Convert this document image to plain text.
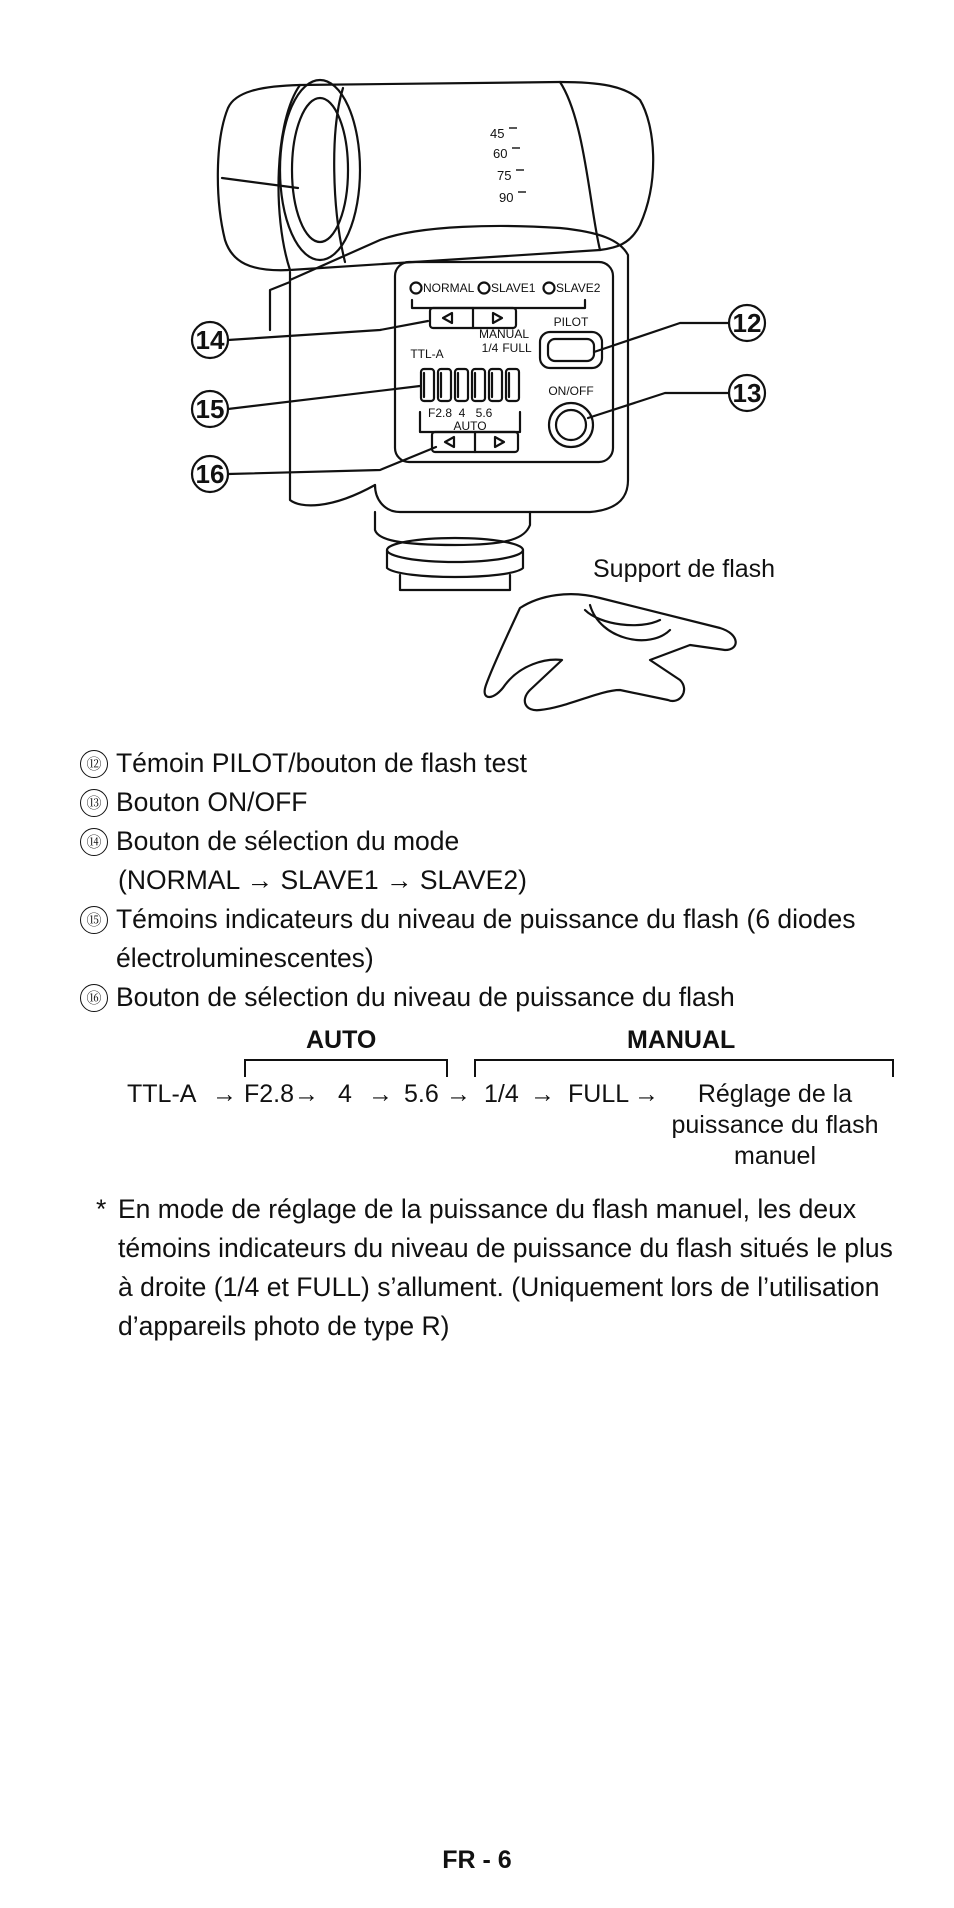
14
15
16
12
13
45
60
75
90
NORMAL SLAVE1 SLAVE2
PILOT
ON/OFF
MANUAL
1/4 FULL
TTL-A
F2.8 4 5.6
AUTO
Support de flash
⑫ Témoin PILOT/bouton de flash test
⑬ Bouton ON/OFF
⑭ Bouton de sélection du mode
(NORMAL → SLAVE1 → SLAVE2)
⑮ Témoins indicateurs du niveau de puissance du flash (6 diodes électroluminescentes)
⑯ Bouton de sélection du niveau de puissance du flash
AUTO	MANUAL
TTL-A → F2.8 → 4 → 5.6 → 1/4 → FULL →	Réglage de la puissance du flash manuel
* En mode de réglage de la puissance du flash manuel, les deux témoins indicateurs du niveau de puissance du flash situés le plus à droite (1/4 et FULL) s’allument. (Uniquement lors de l’utilisation d’appareils photo de type R)
FR - 6
